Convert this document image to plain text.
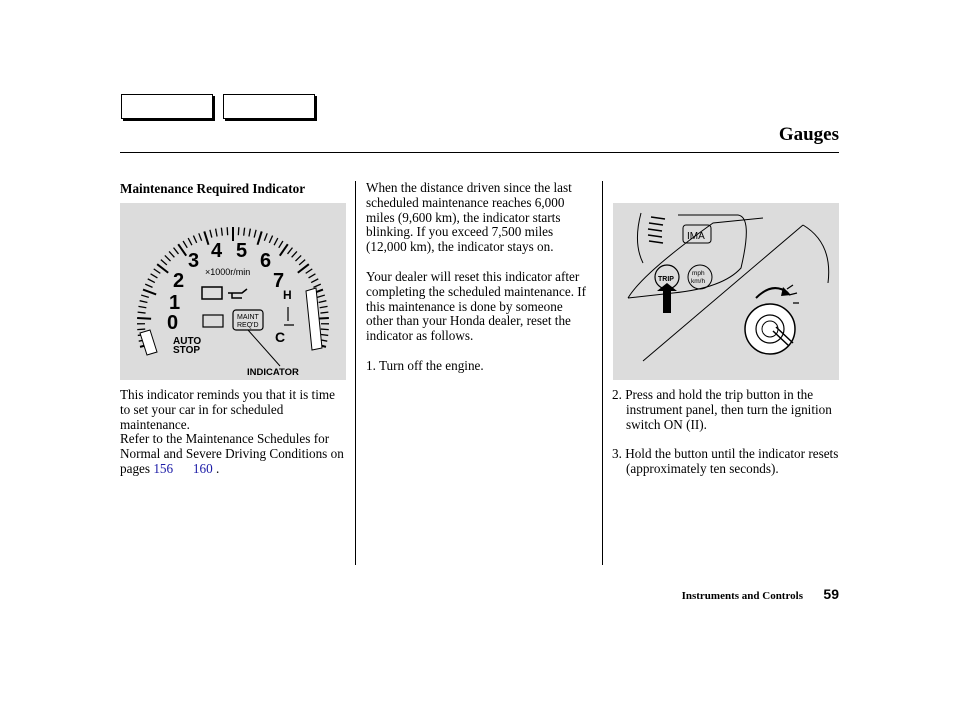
Gauges
Maintenance Required Indicator
0
1
2
3 4 5 6
7
×1000r/min
MAINT
REQ'D
AUTO
STOP
H
C
INDICATOR

This indicator reminds you that it is time to set your car in for scheduled maintenance.

Refer to the Maintenance Schedules for Normal and Severe Driving Conditions on pages 156 160 .

When the distance driven since the last scheduled maintenance reaches 6,000 miles (9,600 km), the indicator starts blinking. If you exceed 7,500 miles (12,000 km), the indicator stays on.

Your dealer will reset this indicator after completing the scheduled maintenance. If this maintenance is done by someone other than your Honda dealer, reset the indicator as follows.

1. Turn off the engine.

IMA
TRIP
mph
km/h

2. Press and hold the trip button in the instrument panel, then turn the ignition switch ON (II).

3. Hold the button until the indicator resets (approximately ten seconds).

Instruments and Controls 59
